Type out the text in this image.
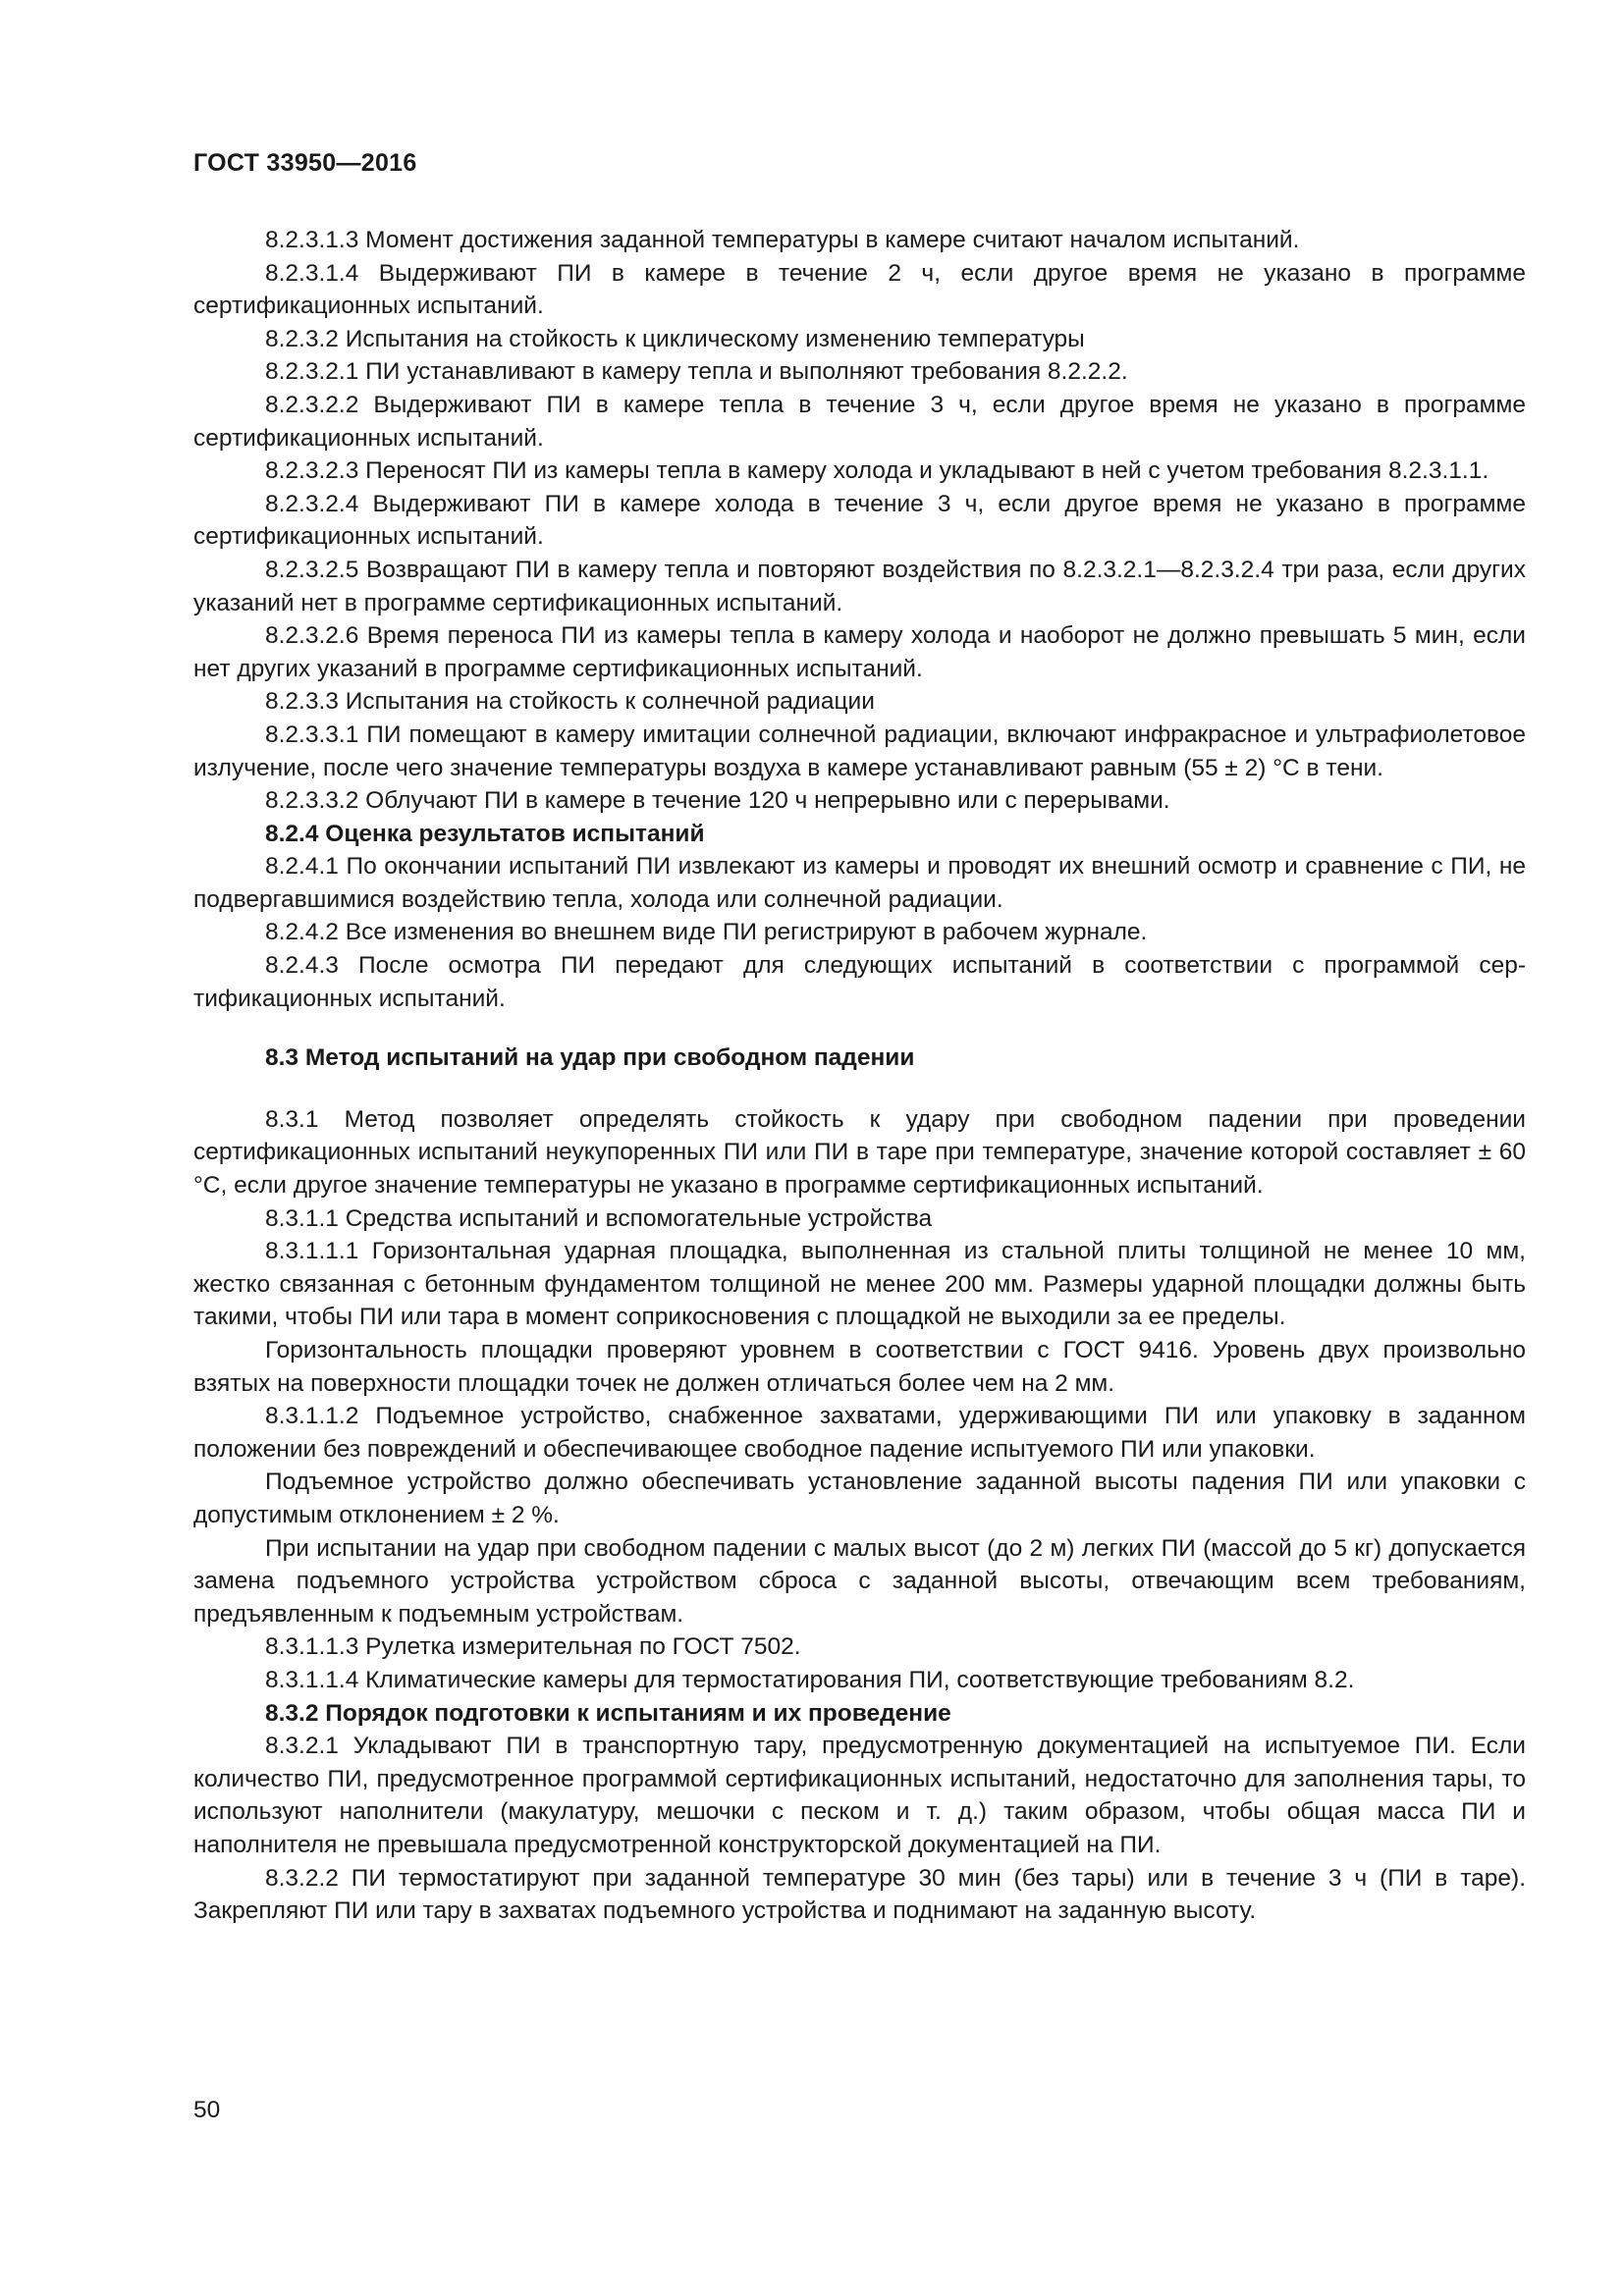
ГОСТ 33950—2016

8.2.3.1.3 Момент достижения заданной температуры в камере считают началом испытаний.

8.2.3.1.4 Выдерживают ПИ в камере в течение 2 ч, если другое время не указано в программе сертификационных испытаний.

8.2.3.2 Испытания на стойкость к циклическому изменению температуры

8.2.3.2.1 ПИ устанавливают в камеру тепла и выполняют требования 8.2.2.2.

8.2.3.2.2 Выдерживают ПИ в камере тепла в течение 3 ч, если другое время не указано в программе сертификационных испытаний.

8.2.3.2.3 Переносят ПИ из камеры тепла в камеру холода и укладывают в ней с учетом требования 8.2.3.1.1.

8.2.3.2.4 Выдерживают ПИ в камере холода в течение 3 ч, если другое время не указано в программе сертификационных испытаний.

8.2.3.2.5 Возвращают ПИ в камеру тепла и повторяют воздействия по 8.2.3.2.1—8.2.3.2.4 три раза, если других указаний нет в программе сертификационных испытаний.

8.2.3.2.6 Время переноса ПИ из камеры тепла в камеру холода и наоборот не должно превышать 5 мин, если нет других указаний в программе сертификационных испытаний.

8.2.3.3 Испытания на стойкость к солнечной радиации

8.2.3.3.1 ПИ помещают в камеру имитации солнечной радиации, включают инфракрасное и ультрафиолетовое излучение, после чего значение температуры воздуха в камере устанавливают равным (55 ± 2) °С в тени.

8.2.3.3.2 Облучают ПИ в камере в течение 120 ч непрерывно или с перерывами.

8.2.4 Оценка результатов испытаний

8.2.4.1 По окончании испытаний ПИ извлекают из камеры и проводят их внешний осмотр и сравнение с ПИ, не подвергавшимися воздействию тепла, холода или солнечной радиации.

8.2.4.2 Все изменения во внешнем виде ПИ регистрируют в рабочем журнале.

8.2.4.3 После осмотра ПИ передают для следующих испытаний в соответствии с программой сертификационных испытаний.

8.3 Метод испытаний на удар при свободном падении

8.3.1 Метод позволяет определять стойкость к удару при свободном падении при проведении сертификационных испытаний неукупоренных ПИ или ПИ в таре при температуре, значение которой составляет ± 60 °С, если другое значение температуры не указано в программе сертификационных испытаний.

8.3.1.1 Средства испытаний и вспомогательные устройства

8.3.1.1.1 Горизонтальная ударная площадка, выполненная из стальной плиты толщиной не менее 10 мм, жестко связанная с бетонным фундаментом толщиной не менее 200 мм. Размеры ударной площадки должны быть такими, чтобы ПИ или тара в момент соприкосновения с площадкой не выходили за ее пределы.

Горизонтальность площадки проверяют уровнем в соответствии с ГОСТ 9416. Уровень двух произвольно взятых на поверхности площадки точек не должен отличаться более чем на 2 мм.

8.3.1.1.2 Подъемное устройство, снабженное захватами, удерживающими ПИ или упаковку в заданном положении без повреждений и обеспечивающее свободное падение испытуемого ПИ или упаковки.

Подъемное устройство должно обеспечивать установление заданной высоты падения ПИ или упаковки с допустимым отклонением ± 2 %.

При испытании на удар при свободном падении с малых высот (до 2 м) легких ПИ (массой до 5 кг) допускается замена подъемного устройства устройством сброса с заданной высоты, отвечающим всем требованиям, предъявленным к подъемным устройствам.

8.3.1.1.3 Рулетка измерительная по ГОСТ 7502.

8.3.1.1.4 Климатические камеры для термостатирования ПИ, соответствующие требованиям 8.2.

8.3.2 Порядок подготовки к испытаниям и их проведение

8.3.2.1 Укладывают ПИ в транспортную тару, предусмотренную документацией на испытуемое ПИ. Если количество ПИ, предусмотренное программой сертификационных испытаний, недостаточно для заполнения тары, то используют наполнители (макулатуру, мешочки с песком и т. д.) таким образом, чтобы общая масса ПИ и наполнителя не превышала предусмотренной конструкторской документацией на ПИ.

8.3.2.2 ПИ термостатируют при заданной температуре 30 мин (без тары) или в течение 3 ч (ПИ в таре). Закрепляют ПИ или тару в захватах подъемного устройства и поднимают на заданную высоту.

50
